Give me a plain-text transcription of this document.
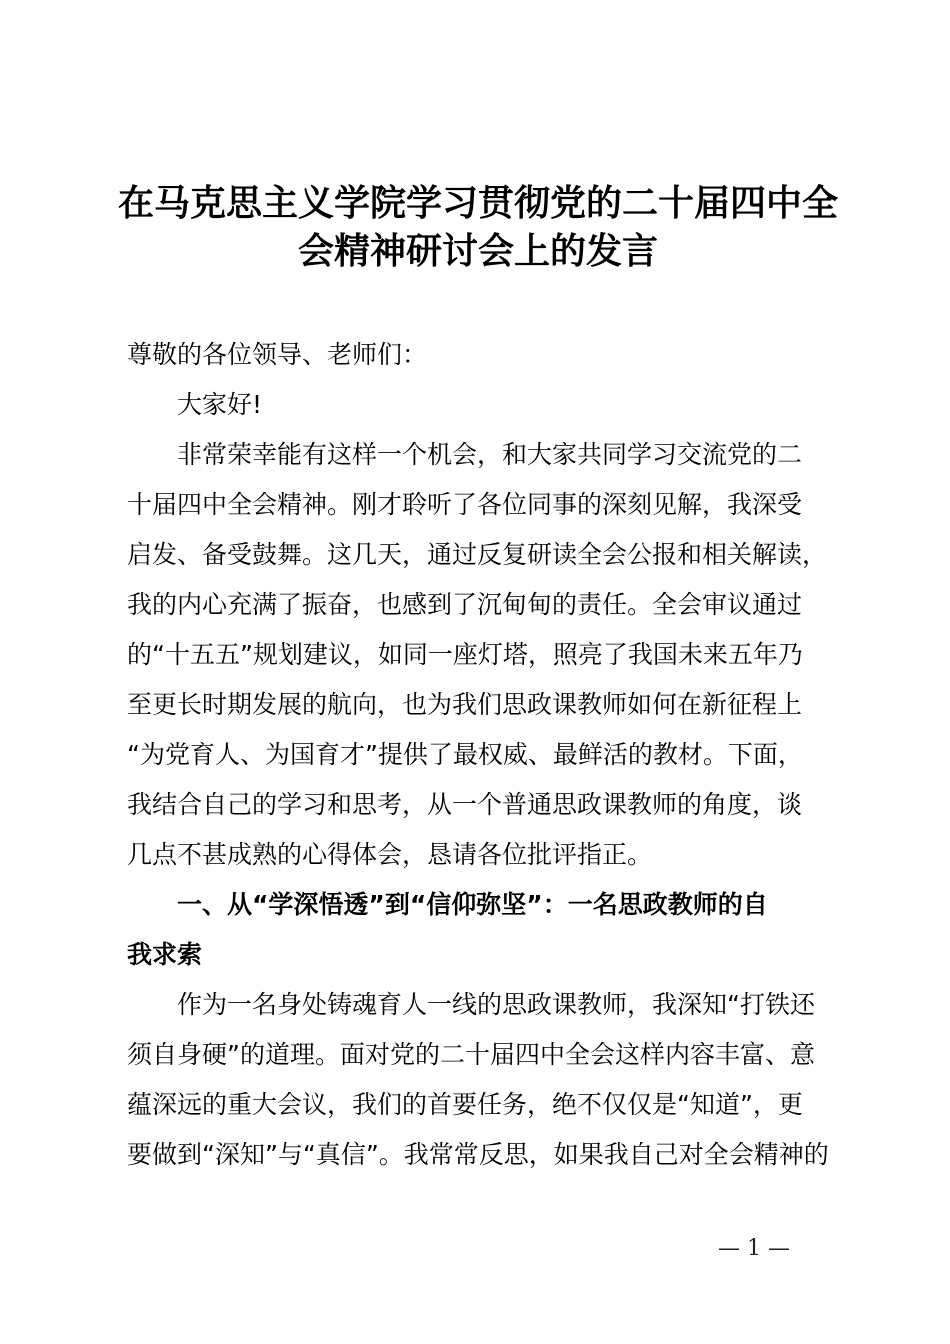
在马克思主义学院学习贯彻党的二十届四中全
会精神研讨会上的发言
尊敬的各位领导、老师们：
大家好!
非常荣幸能有这样一个机会，和大家共同学习交流党的二
十届四中全会精神。刚才聆听了各位同事的深刻见解，我深受
启发、备受鼓舞。这几天，通过反复研读全会公报和相关解读，
我的内心充满了振奋，也感到了沉甸甸的责任。全会审议通过
的“十五五”规划建议，如同一座灯塔，照亮了我国未来五年乃
至更长时期发展的航向，也为我们思政课教师如何在新征程上
“为党育人、为国育才”提供了最权威、最鲜活的教材。下面，
我结合自己的学习和思考，从一个普通思政课教师的角度，谈
几点不甚成熟的心得体会，恳请各位批评指正。
一、从“学深悟透”到“信仰弥坚”：一名思政教师的自
我求索
作为一名身处铸魂育人一线的思政课教师，我深知“打铁还
须自身硬”的道理。面对党的二十届四中全会这样内容丰富、意
蕴深远的重大会议，我们的首要任务，绝不仅仅是“知道”，更
要做到“深知”与“真信”。我常常反思，如果我自己对全会精神的
— 1 —
